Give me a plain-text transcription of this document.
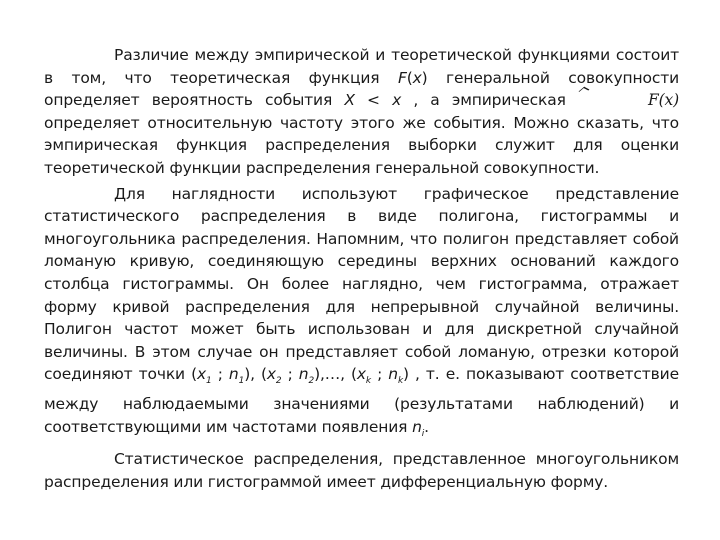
Различие между эмпирической и теоретической функциями состоит в том, что теоретическая функция F(x) генеральной совокупности определяет вероятность события X < x , а эмпирическая	F(x) определяет относительную частоту этого же события. Можно сказать, что эмпирическая функция распределения выборки служит для оценки теоретической функции распределения генеральной совокупности.

Для наглядности используют графическое представление статистического распределения в виде полигона, гистограммы и многоугольника распределения. Напомним, что полигон представляет собой ломаную кривую, соединяющую середины верхних оснований каждого столбца гистограммы. Он более наглядно, чем гистограмма, отражает форму кривой распределения для непрерывной случайной величины. Полигон частот может быть использован и для дискретной случайной величины. В этом случае он представляет собой ломаную, отрезки которой соединяют точки ($x_1$ ; $n_1$), ($x_2$ ; $n_2),\dots$, ($x_k$ ; $n_k$) , т. е. показывают соответствие между наблюдаемыми значениями (результатами наблюдений) и соответствующими им частотами появления $n_i$.

Статистическое распределения, представленное многоугольником распределения или гистограммой имеет дифференциальную форму.
